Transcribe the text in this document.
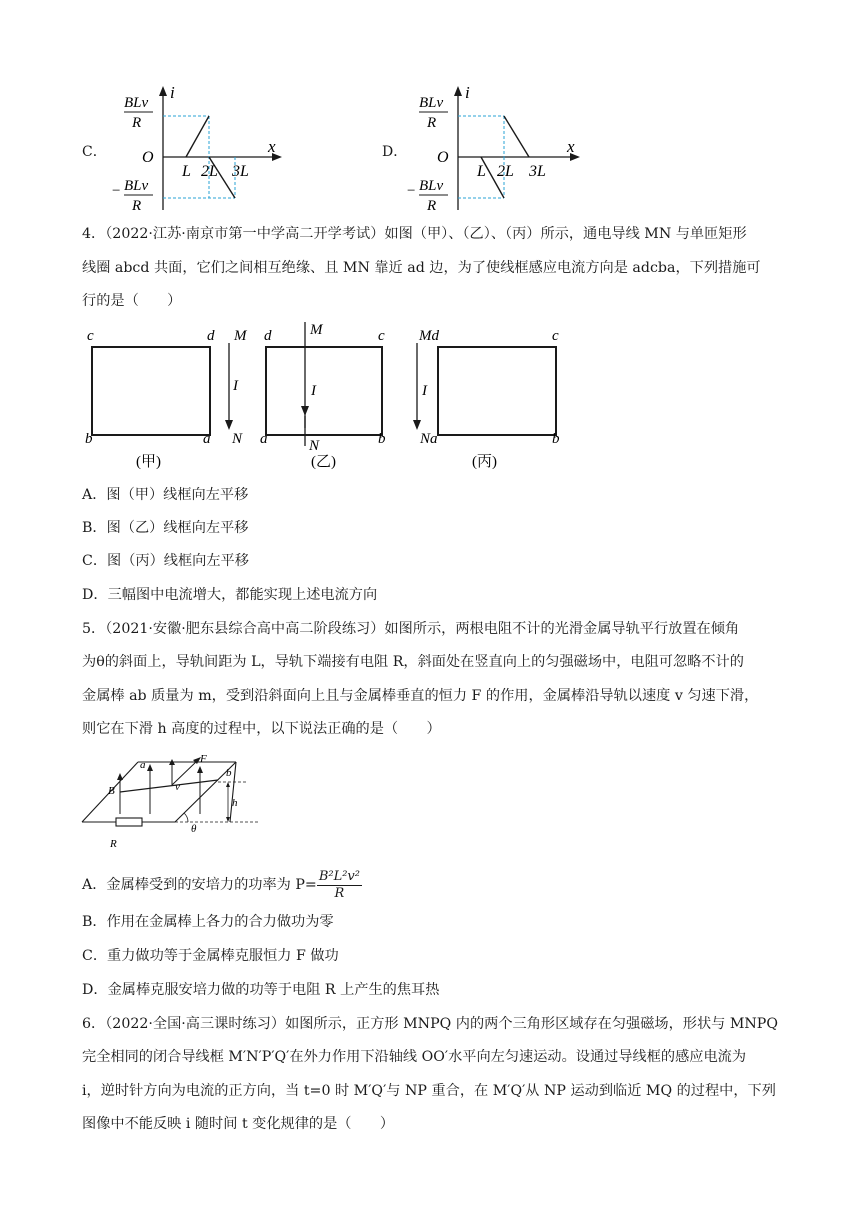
C．
i
x
O
BLv
R
− BLv
R
L 2L 3L
D．
i
x
O
BLv
R
− BLv
R
L 2L 3L
4．（2022·江苏·南京市第一中学高二开学考试）如图（甲）、（乙）、（丙）所示，通电导线 MN 与单匝矩形
线圈 abcd 共面，它们之间相互绝缘、且 MN 靠近 ad 边，为了使线框感应电流方向是 adcba，下列措施可
行的是（　　）
c	d
b	a
M
I
N
(甲)
d	M	c
I
a	N	b
(乙)
Md	c
I
Na	b
(丙)
A．图（甲）线框向左平移
B．图（乙）线框向左平移
C．图（丙）线框向左平移
D．三幅图中电流增大，都能实现上述电流方向
5．（2021·安徽·肥东县综合高中高二阶段练习）如图所示，两根电阻不计的光滑金属导轨平行放置在倾角
为θ的斜面上，导轨间距为 L，导轨下端接有电阻 R，斜面处在竖直向上的匀强磁场中，电阻可忽略不计的
金属棒 ab 质量为 m，受到沿斜面向上且与金属棒垂直的恒力 F 的作用，金属棒沿导轨以速度 v 匀速下滑，
则它在下滑 h 高度的过程中，以下说法正确的是（　　）
a
b
B
F
v
h
θ
R
A．金属棒受到的安培力的功率为 $P= \frac{\text{B²L²v²}}{R}$
B．作用在金属棒上各力的合力做功为零
C．重力做功等于金属棒克服恒力 F 做功
D．金属棒克服安培力做的功等于电阻 R 上产生的焦耳热
6．（2022·全国·高三课时练习）如图所示，正方形 MNPQ 内的两个三角形区域存在匀强磁场，形状与 MNPQ
完全相同的闭合导线框 M′N′P′Q′在外力作用下沿轴线 OO′水平向左匀速运动。设通过导线框的感应电流为
i，逆时针方向为电流的正方向，当 t=0 时 M′Q′与 NP 重合，在 M′Q′从 NP 运动到临近 MQ 的过程中，下列
图像中不能反映 i 随时间 t 变化规律的是（　　）
